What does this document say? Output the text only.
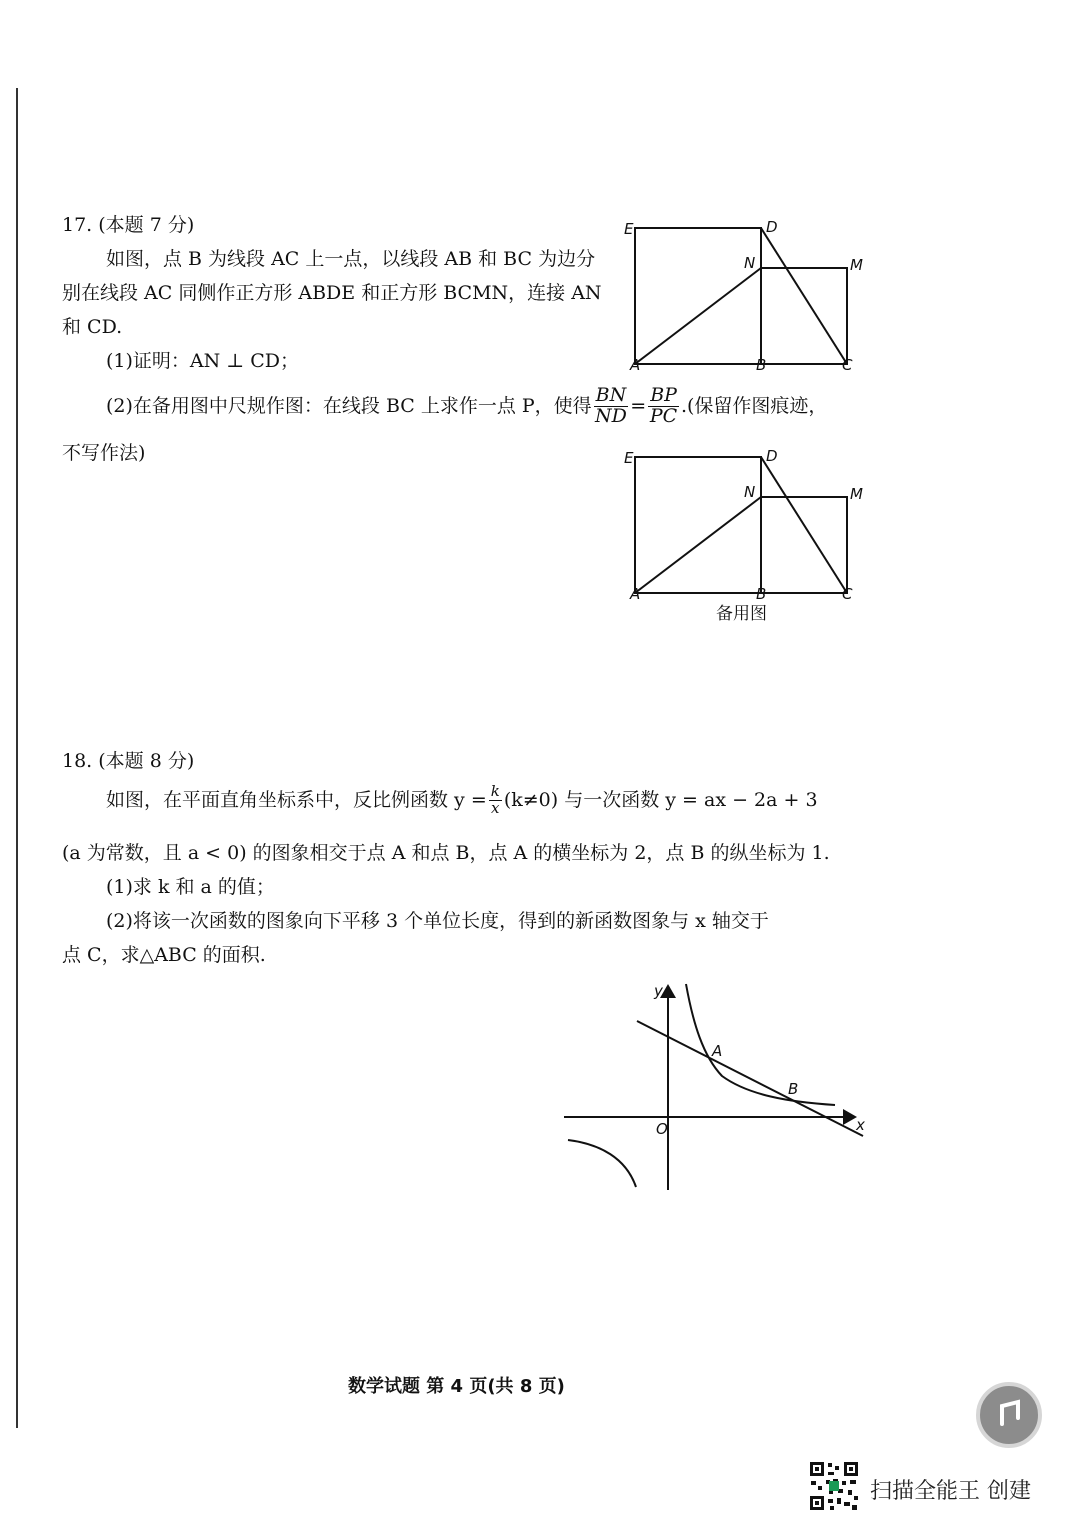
17. (本题 7 分)
如图，点 B 为线段 AC 上一点，以线段 AB 和 BC 为边分
别在线段 AC 同侧作正方形 ABDE 和正方形 BCMN，连接 AN
和 CD.
(1)证明：AN ⊥ CD；
(2)在备用图中尺规作图：在线段 BC 上求作一点 P，使得 $\frac{BN}{ND} = \frac{BP}{PC}$ .(保留作图痕迹，
不写作法)
E	D
N	M
A	B	C
E	D
N	M
A	B	C
备用图
18. (本题 8 分)
如图，在平面直角坐标系中，反比例函数 $y = \frac{k}{x} (k\ne 0)$ 与一次函数 y = ax − 2a + 3
(a 为常数，且 a < 0) 的图象相交于点 A 和点 B，点 A 的横坐标为 2，点 B 的纵坐标为 1.
(1)求 k 和 a 的值；
(2)将该一次函数的图象向下平移 3 个单位长度，得到的新函数图象与 x 轴交于
点 C，求△ABC 的面积.
y
x
O
A
B
数学试题 第 4 页(共 8 页)
扫描全能王 创建
